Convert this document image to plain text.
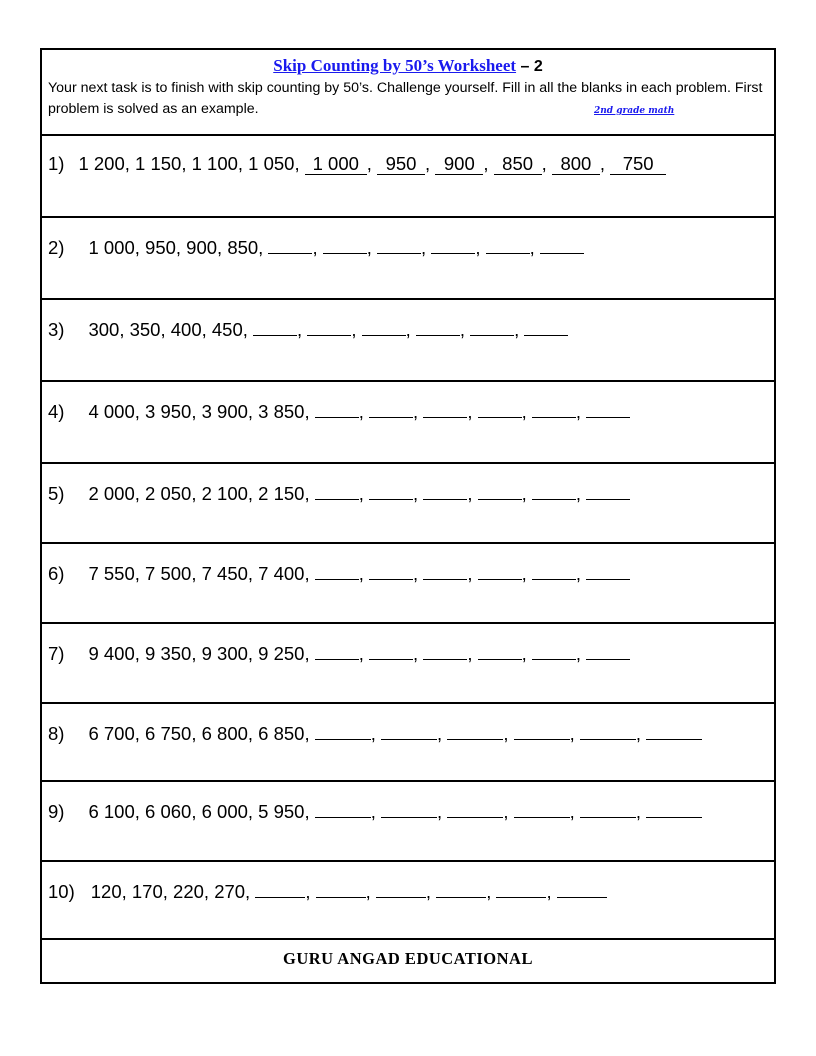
Skip Counting by 50’s Worksheet – 2
Your next task is to finish with skip counting by 50’s. Challenge yourself. Fill in all the blanks in each problem. First problem is solved as an example.	2nd grade math
1) 1 200, 1 150, 1 100, 1 050, 1 000 , 950 , 900 , 850 , 800 , 750
2) 1 000, 950, 900, 850,	,	,	,	,	,
3) 300, 350, 400, 450,	,	,	,	,	,
4) 4 000, 3 950, 3 900, 3 850,	,	,	,	,	,
5) 2 000, 2 050, 2 100, 2 150,	,	,	,	,	,
6) 7 550, 7 500, 7 450, 7 400,	,	,	,	,	,
7) 9 400, 9 350, 9 300, 9 250,	,	,	,	,	,
8) 6 700, 6 750, 6 800, 6 850,	,	,	,	,	,
9) 6 100, 6 060, 6 000, 5 950,	,	,	,	,	,
10) 120, 170, 220, 270,	,	,	,	,	,
GURU ANGAD EDUCATIONAL
